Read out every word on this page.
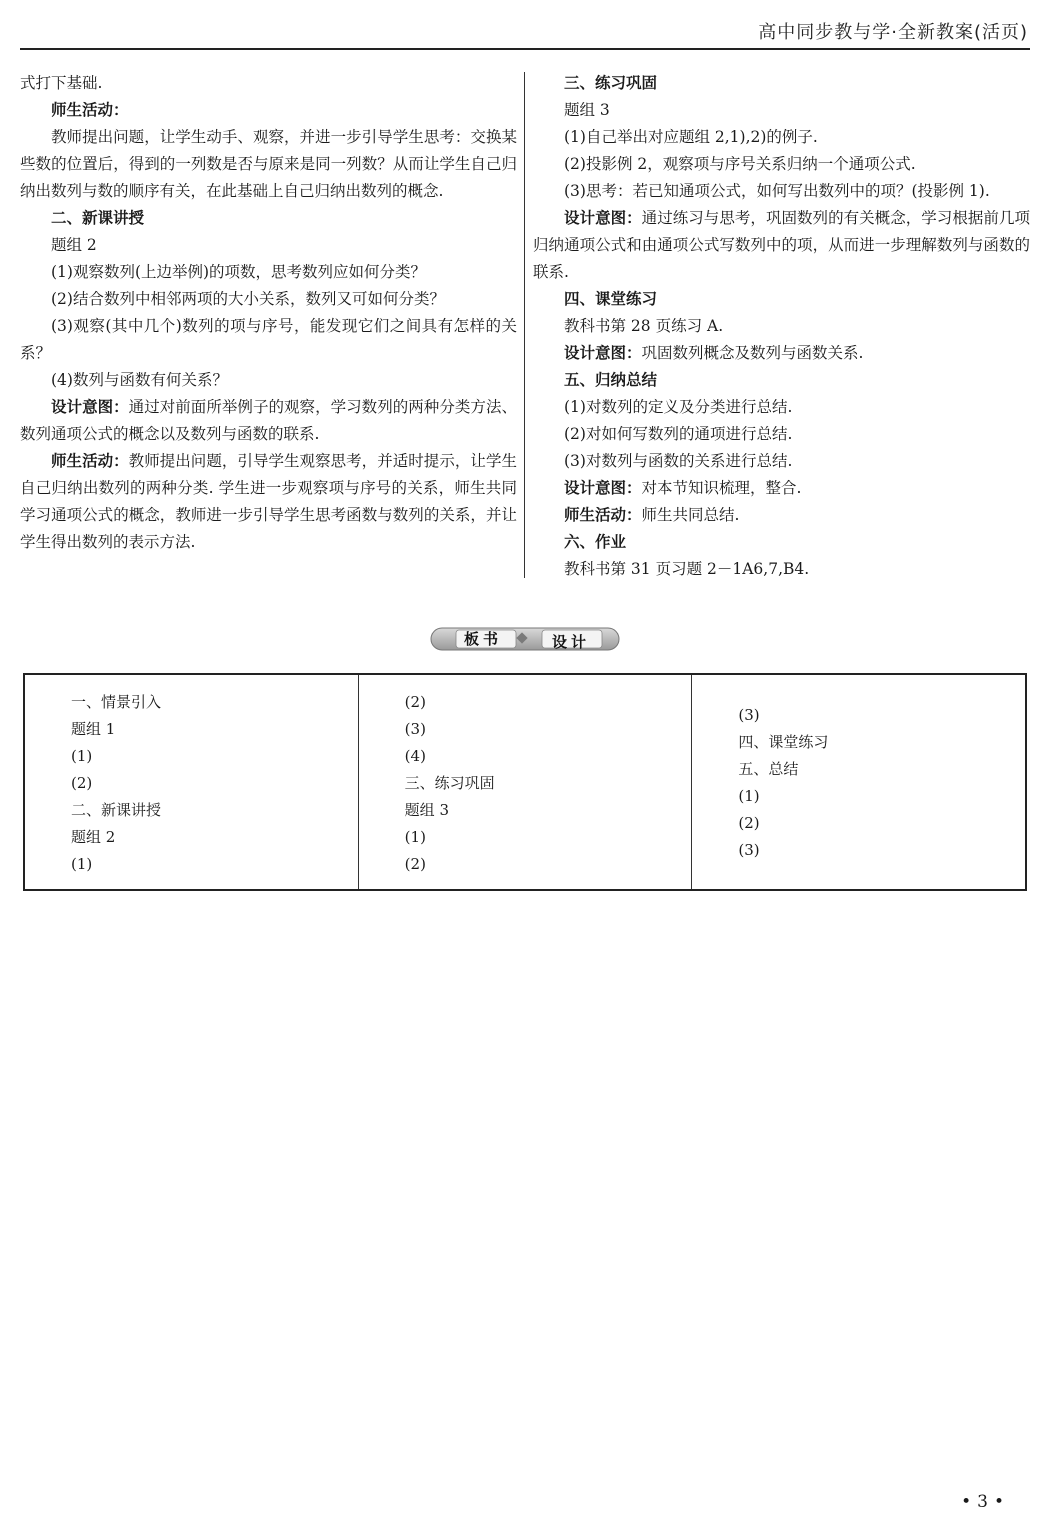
高中同步教与学·全新教案(活页)

式打下基础.

师生活动：

教师提出问题，让学生动手、观察，并进一步引导学生思考：交换某些数的位置后，得到的一列数是否与原来是同一列数？从而让学生自己归纳出数列与数的顺序有关，在此基础上自己归纳出数列的概念.

二、新课讲授

题组 2

(1)观察数列(上边举例)的项数，思考数列应如何分类？

(2)结合数列中相邻两项的大小关系，数列又可如何分类？

(3)观察(其中几个)数列的项与序号，能发现它们之间具有怎样的关系？

(4)数列与函数有何关系？

设计意图：通过对前面所举例子的观察，学习数列的两种分类方法、数列通项公式的概念以及数列与函数的联系.

师生活动：教师提出问题，引导学生观察思考，并适时提示，让学生自己归纳出数列的两种分类. 学生进一步观察项与序号的关系，师生共同学习通项公式的概念，教师进一步引导学生思考函数与数列的关系，并让学生得出数列的表示方法.

三、练习巩固

题组 3

(1)自己举出对应题组 2,1),2)的例子.

(2)投影例 2，观察项与序号关系归纳一个通项公式.

(3)思考：若已知通项公式，如何写出数列中的项？(投影例 1).

设计意图：通过练习与思考，巩固数列的有关概念，学习根据前几项归纳通项公式和由通项公式写数列中的项，从而进一步理解数列与函数的联系.

四、课堂练习

教科书第 28 页练习 A.

设计意图：巩固数列概念及数列与函数关系.

五、归纳总结

(1)对数列的定义及分类进行总结.

(2)对如何写数列的通项进行总结.

(3)对数列与函数的关系进行总结.

设计意图：对本节知识梳理，整合.

师生活动：师生共同总结.

六、作业

教科书第 31 页习题 2－1A6,7,B4.

板书	设计
一、情景引入
题组 1
(1)
(2)
二、新课讲授
题组 2
(1)
(2)
(3)
(4)
三、练习巩固
题组 3
(1)
(2)
(3)
四、课堂练习
五、总结
(1)
(2)
(3)
•3•
